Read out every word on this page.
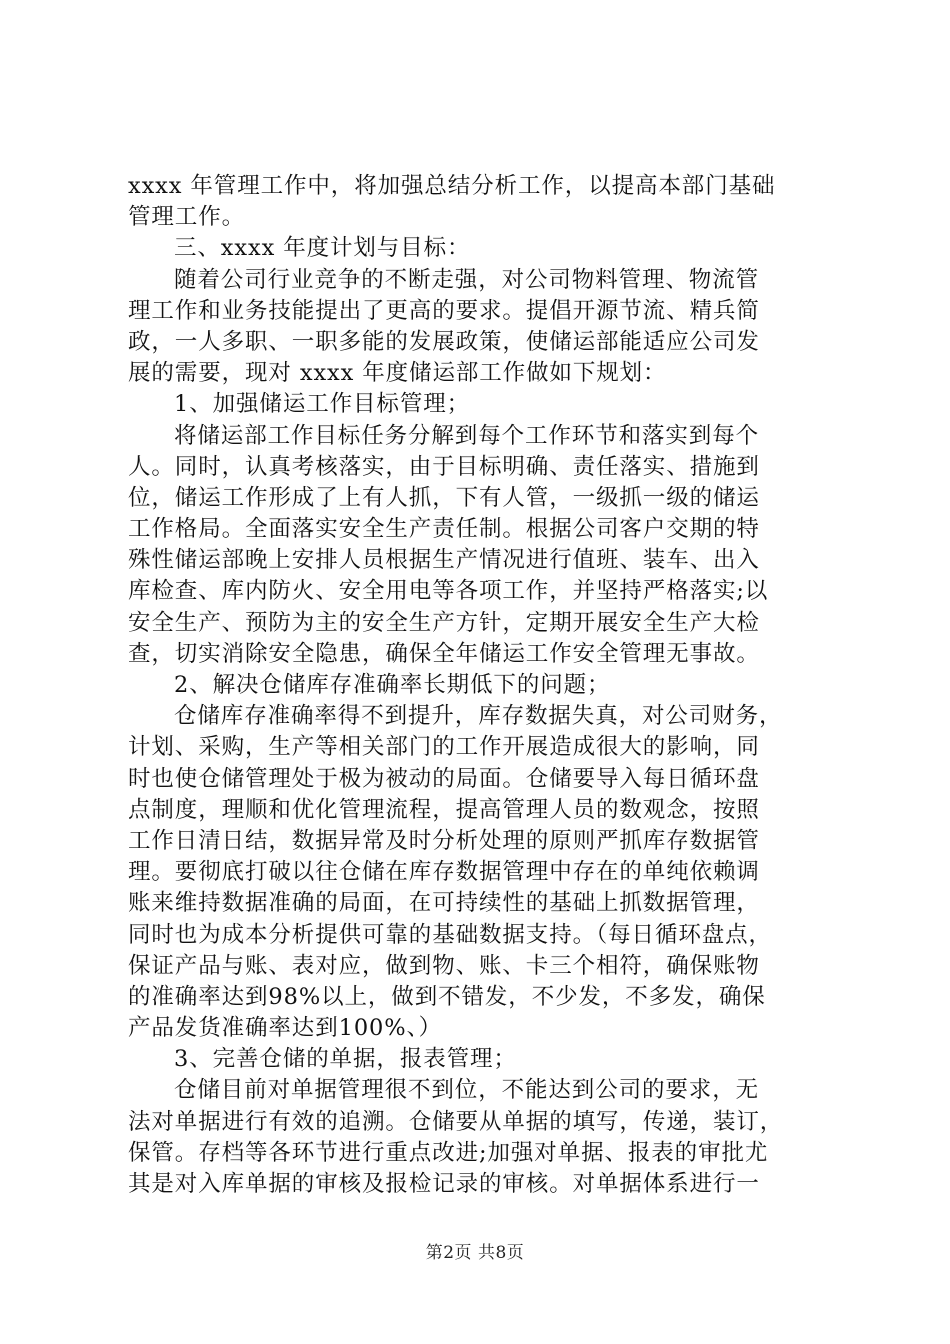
xxxx 年管理工作中，将加强总结分析工作，以提高本部门基础
管理工作。
三、xxxx 年度计划与目标：
随着公司行业竞争的不断走强，对公司物料管理、物流管
理工作和业务技能提出了更高的要求。提倡开源节流、精兵简
政，一人多职、一职多能的发展政策，使储运部能适应公司发
展的需要，现对 xxxx 年度储运部工作做如下规划：
1、加强储运工作目标管理；
将储运部工作目标任务分解到每个工作环节和落实到每个
人。同时，认真考核落实，由于目标明确、责任落实、措施到
位，储运工作形成了上有人抓，下有人管，一级抓一级的储运
工作格局。全面落实安全生产责任制。根据公司客户交期的特
殊性储运部晚上安排人员根据生产情况进行值班、装车、出入
库检查、库内防火、安全用电等各项工作，并坚持严格落实;以
安全生产、预防为主的安全生产方针，定期开展安全生产大检
查，切实消除安全隐患，确保全年储运工作安全管理无事故。
2、解决仓储库存准确率长期低下的问题；
仓储库存准确率得不到提升，库存数据失真，对公司财务，
计划、采购，生产等相关部门的工作开展造成很大的影响，同
时也使仓储管理处于极为被动的局面。仓储要导入每日循环盘
点制度，理顺和优化管理流程，提高管理人员的数观念，按照
工作日清日结，数据异常及时分析处理的原则严抓库存数据管
理。要彻底打破以往仓储在库存数据管理中存在的单纯依赖调
账来维持数据准确的局面，在可持续性的基础上抓数据管理，
同时也为成本分析提供可靠的基础数据支持。（每日循环盘点，
保证产品与账、表对应，做到物、账、卡三个相符，确保账物
的准确率达到98%以上，做到不错发，不少发，不多发，确保
产品发货准确率达到100%、）
3、完善仓储的单据，报表管理；
仓储目前对单据管理很不到位，不能达到公司的要求，无
法对单据进行有效的追溯。仓储要从单据的填写，传递，装订，
保管。存档等各环节进行重点改进;加强对单据、报表的审批尤
其是对入库单据的审核及报检记录的审核。对单据体系进行一
第2页 共8页
